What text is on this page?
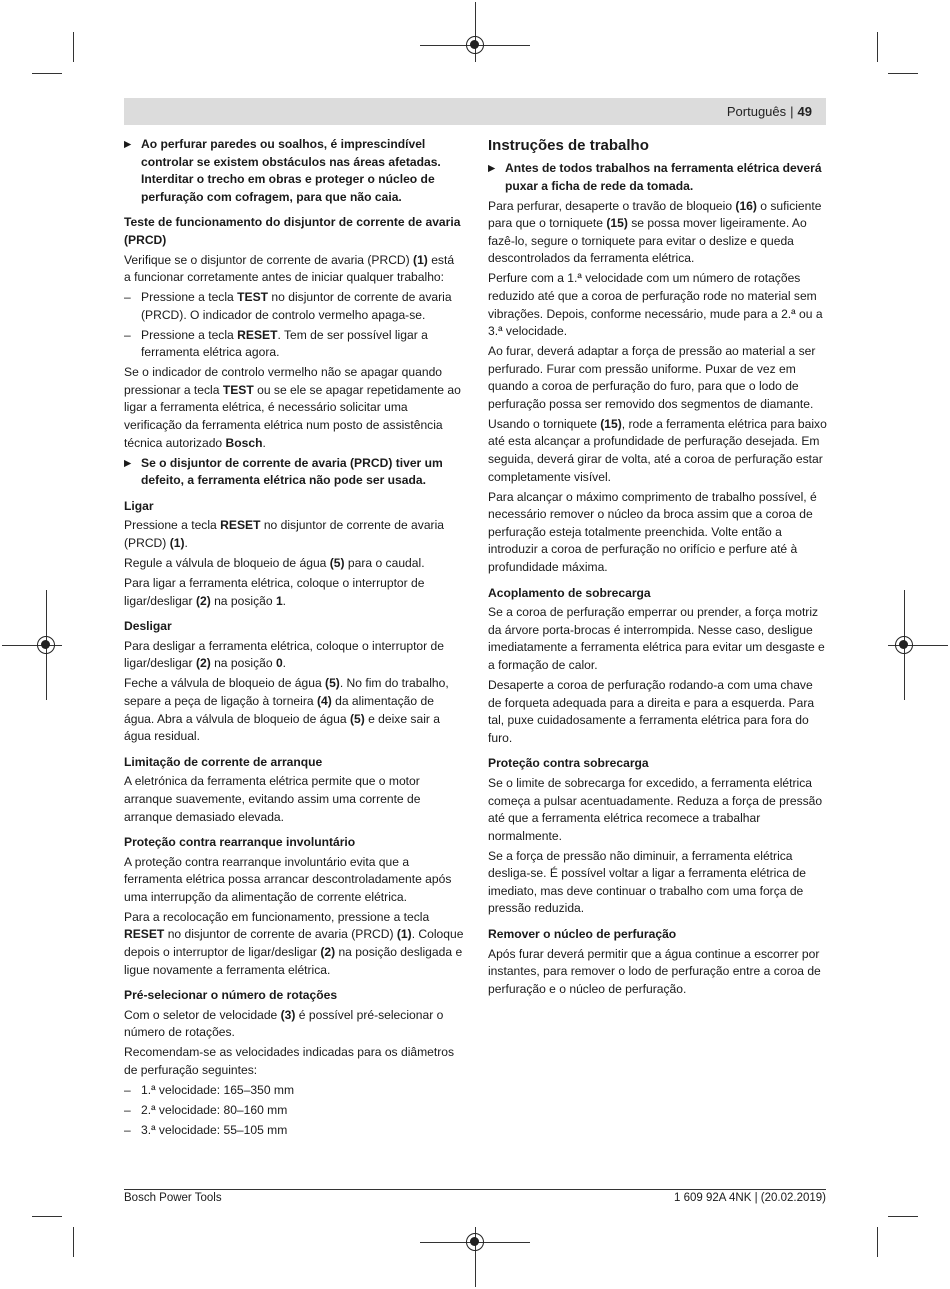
Português | 49
▶ Ao perfurar paredes ou soalhos, é imprescindível controlar se existem obstáculos nas áreas afetadas. Interditar o trecho em obras e proteger o núcleo de perfuração com cofragem, para que não caia.
Teste de funcionamento do disjuntor de corrente de avaria (PRCD)

Verifique se o disjuntor de corrente de avaria (PRCD) (1) está a funcionar corretamente antes de iniciar qualquer trabalho:

– Pressione a tecla TEST no disjuntor de corrente de avaria (PRCD). O indicador de controlo vermelho apaga-se.
– Pressione a tecla RESET. Tem de ser possível ligar a ferramenta elétrica agora.

Se o indicador de controlo vermelho não se apagar quando pressionar a tecla TEST ou se ele se apagar repetidamente ao ligar a ferramenta elétrica, é necessário solicitar uma verificação da ferramenta elétrica num posto de assistência técnica autorizado Bosch.

▶ Se o disjuntor de corrente de avaria (PRCD) tiver um defeito, a ferramenta elétrica não pode ser usada.
Ligar

Pressione a tecla RESET no disjuntor de corrente de avaria (PRCD) (1).

Regule a válvula de bloqueio de água (5) para o caudal.

Para ligar a ferramenta elétrica, coloque o interruptor de ligar/desligar (2) na posição 1.

Desligar

Para desligar a ferramenta elétrica, coloque o interruptor de ligar/desligar (2) na posição 0.

Feche a válvula de bloqueio de água (5). No fim do trabalho, separe a peça de ligação à torneira (4) da alimentação de água. Abra a válvula de bloqueio de água (5) e deixe sair a água residual.

Limitação de corrente de arranque

A eletrónica da ferramenta elétrica permite que o motor arranque suavemente, evitando assim uma corrente de arranque demasiado elevada.

Proteção contra rearranque involuntário

A proteção contra rearranque involuntário evita que a ferramenta elétrica possa arrancar descontroladamente após uma interrupção da alimentação de corrente elétrica.

Para a recolocação em funcionamento, pressione a tecla RESET no disjuntor de corrente de avaria (PRCD) (1). Coloque depois o interruptor de ligar/desligar (2) na posição desligada e ligue novamente a ferramenta elétrica.

Pré-selecionar o número de rotações

Com o seletor de velocidade (3) é possível pré-selecionar o número de rotações.

Recomendam-se as velocidades indicadas para os diâmetros de perfuração seguintes:

– 1.ª velocidade: 165–350 mm
– 2.ª velocidade: 80–160 mm
– 3.ª velocidade: 55–105 mm
Instruções de trabalho
▶ Antes de todos trabalhos na ferramenta elétrica deverá puxar a ficha de rede da tomada.

Para perfurar, desaperte o travão de bloqueio (16) o suficiente para que o torniquete (15) se possa mover ligeiramente. Ao fazê-lo, segure o torniquete para evitar o deslize e queda descontrolados da ferramenta elétrica.

Perfure com a 1.ª velocidade com um número de rotações reduzido até que a coroa de perfuração rode no material sem vibrações. Depois, conforme necessário, mude para a 2.ª ou a 3.ª velocidade.

Ao furar, deverá adaptar a força de pressão ao material a ser perfurado. Furar com pressão uniforme. Puxar de vez em quando a coroa de perfuração do furo, para que o lodo de perfuração possa ser removido dos segmentos de diamante.

Usando o torniquete (15), rode a ferramenta elétrica para baixo até esta alcançar a profundidade de perfuração desejada. Em seguida, deverá girar de volta, até a coroa de perfuração estar completamente visível.

Para alcançar o máximo comprimento de trabalho possível, é necessário remover o núcleo da broca assim que a coroa de perfuração esteja totalmente preenchida. Volte então a introduzir a coroa de perfuração no orifício e perfure até à profundidade máxima.

Acoplamento de sobrecarga

Se a coroa de perfuração emperrar ou prender, a força motriz da árvore porta-brocas é interrompida. Nesse caso, desligue imediatamente a ferramenta elétrica para evitar um desgaste e a formação de calor.

Desaperte a coroa de perfuração rodando-a com uma chave de forqueta adequada para a direita e para a esquerda. Para tal, puxe cuidadosamente a ferramenta elétrica para fora do furo.

Proteção contra sobrecarga

Se o limite de sobrecarga for excedido, a ferramenta elétrica começa a pulsar acentuadamente. Reduza a força de pressão até que a ferramenta elétrica recomece a trabalhar normalmente.

Se a força de pressão não diminuir, a ferramenta elétrica desliga-se. É possível voltar a ligar a ferramenta elétrica de imediato, mas deve continuar o trabalho com uma força de pressão reduzida.

Remover o núcleo de perfuração

Após furar deverá permitir que a água continue a escorrer por instantes, para remover o lodo de perfuração entre a coroa de perfuração e o núcleo de perfuração.

Bosch Power Tools	1 609 92A 4NK | (20.02.2019)
